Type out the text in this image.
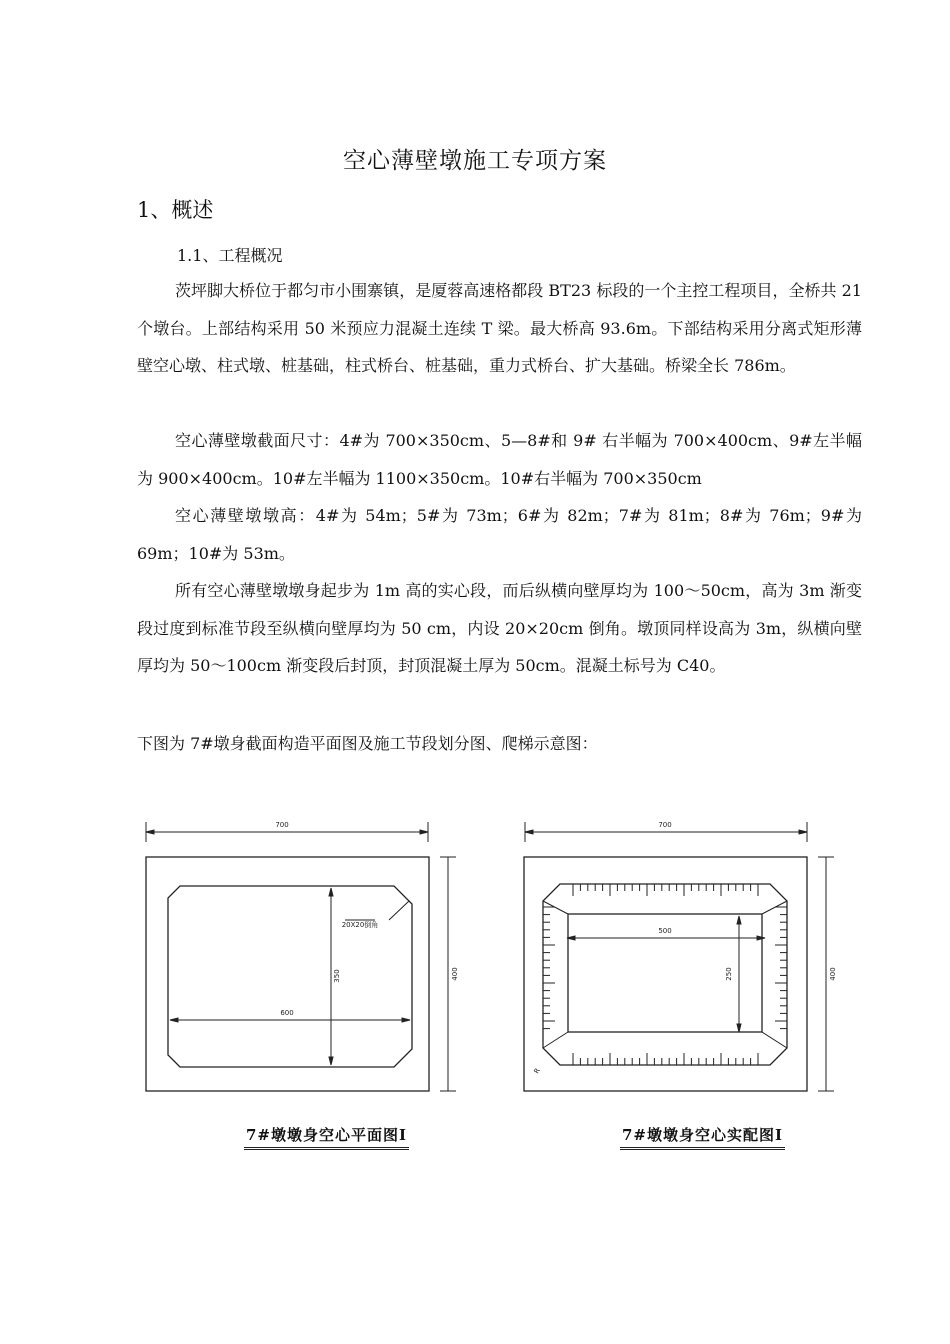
空心薄壁墩施工专项方案
1、概述
1.1、工程概况

茨坪脚大桥位于都匀市小围寨镇，是厦蓉高速格都段 BT23 标段的一个主控工程项目，全桥共 21 个墩台。上部结构采用 50 米预应力混凝土连续 T 梁。最大桥高 93.6m。下部结构采用分离式矩形薄壁空心墩、柱式墩、桩基础，柱式桥台、桩基础，重力式桥台、扩大基础。桥梁全长 786m。

空心薄壁墩截面尺寸：4#为 700×350cm、5—8#和 9# 右半幅为 700×400cm、9#左半幅为 900×400cm。10#左半幅为 1100×350cm。10#右半幅为 700×350cm

空心薄壁墩墩高：4#为 54m；5#为 73m；6#为 82m；7#为 81m；8#为 76m；9#为 69m；10#为 53m。

所有空心薄壁墩墩身起步为 1m 高的实心段，而后纵横向壁厚均为 100～50cm，高为 3m 渐变段过度到标准节段至纵横向壁厚均为 50 cm，内设 20×20cm 倒角。墩顶同样设高为 3m，纵横向壁厚均为 50～100cm 渐变段后封顶，封顶混凝土厚为 50cm。混凝土标号为 C40。

下图为 7#墩身截面构造平面图及施工节段划分图、爬梯示意图：
700
400
350
600
20X20倒角
7#墩墩身空心平面图I
700
400
500
250
R
7#墩墩身空心实配图I
